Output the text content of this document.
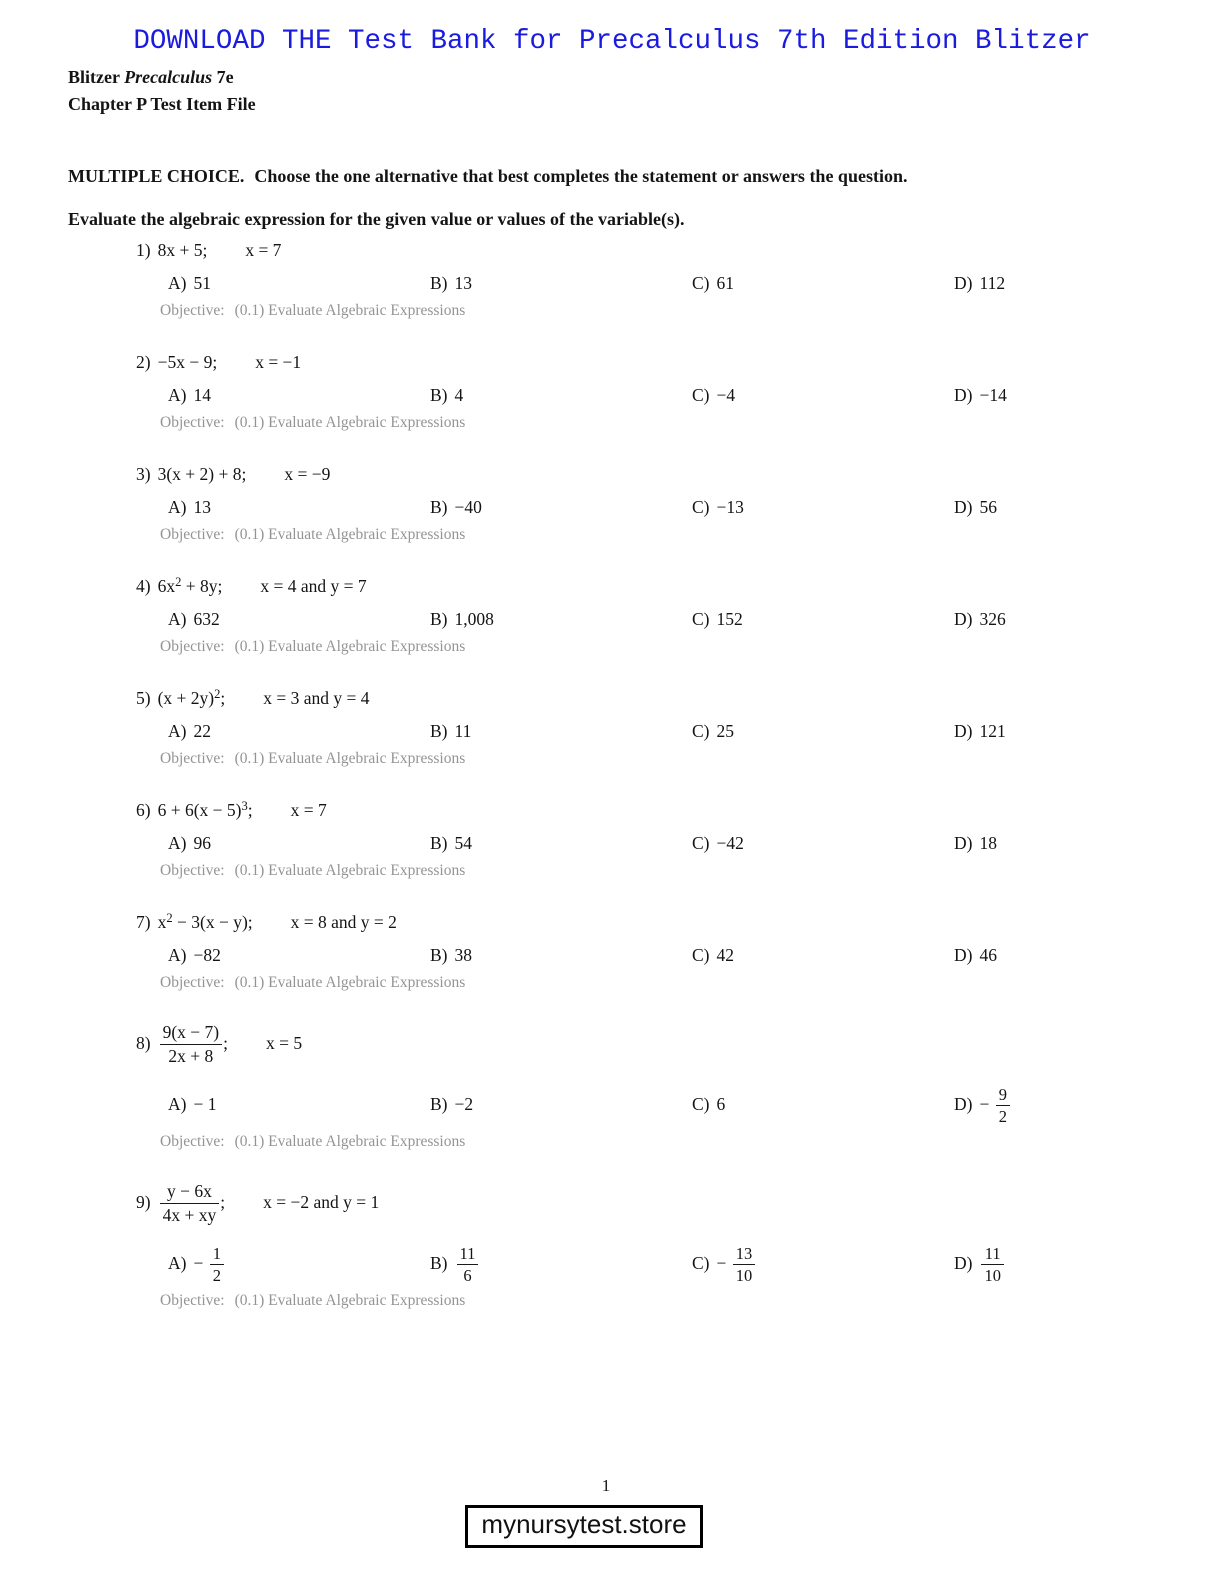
DOWNLOAD THE Test Bank for Precalculus 7th Edition Blitzer
Blitzer Precalculus 7e
Chapter P Test Item File
MULTIPLE CHOICE. Choose the one alternative that best completes the statement or answers the question.
Evaluate the algebraic expression for the given value or values of the variable(s).
1) 8x + 5; x = 7
A) 51	B) 13	C) 61	D) 112
Objective: (0.1) Evaluate Algebraic Expressions
2) −5x − 9; x = −1
A) 14	B) 4	C) −4	D) −14
Objective: (0.1) Evaluate Algebraic Expressions
3) 3(x + 2) + 8; x = −9
A) 13	B) −40	C) −13	D) 56
Objective: (0.1) Evaluate Algebraic Expressions
4) $6x^2 + 8y$; x = 4 and y = 7
A) 632	B) 1,008	C) 152	D) 326
Objective: (0.1) Evaluate Algebraic Expressions
5) $(x + 2y)^2$; x = 3 and y = 4
A) 22	B) 11	C) 25	D) 121
Objective: (0.1) Evaluate Algebraic Expressions
6) $6 + 6(x - 5)^3$; x = 7
A) 96	B) 54	C) −42	D) 18
Objective: (0.1) Evaluate Algebraic Expressions
7) $x^2 - 3(x - y)$; x = 8 and y = 2
A) −82	B) 38	C) 42	D) 46
Objective: (0.1) Evaluate Algebraic Expressions
$8) \frac{9(x - 7)}{2x + 8}$ ; x = 5
A) − 1	B) −2	C) 6	$D) - \frac{9}{2}$
Objective: (0.1) Evaluate Algebraic Expressions
$9) \frac{y - 6x}{4x + xy}$ ; x = −2 and y = 1
$A) - \frac{1}{2}$	$B) \frac{11}{6}$	$C) - \frac{13}{10}$	$D) \frac{11}{10}$
Objective: (0.1) Evaluate Algebraic Expressions
1
mynursytest.store
